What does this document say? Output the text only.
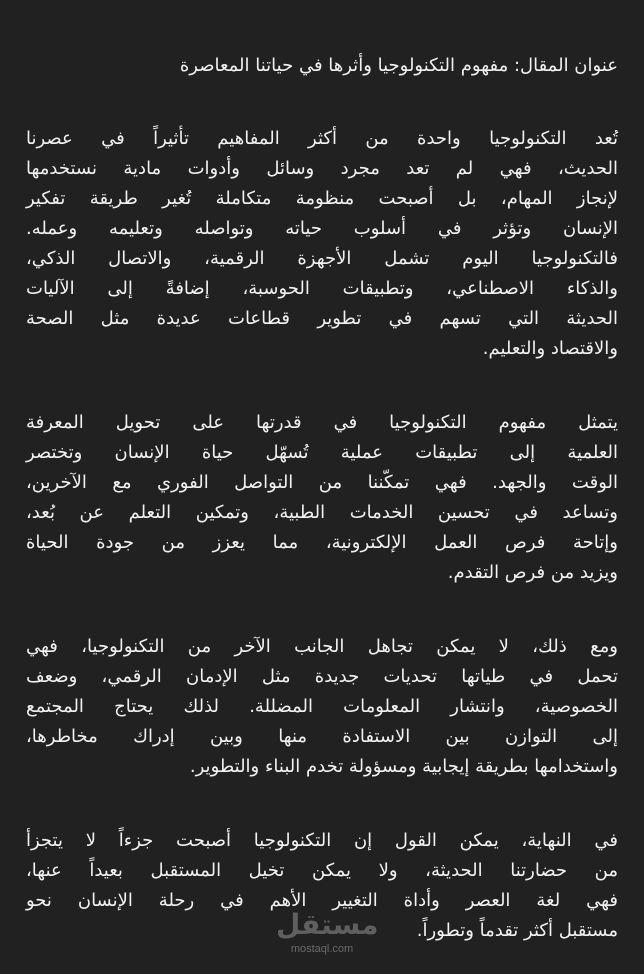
عنوان المقال: مفهوم التكنولوجيا وأثرها في حياتنا المعاصرة

تُعد التكنولوجيا واحدة من أكثر المفاهيم تأثيراً في عصرنا
الحديث، فهي لم تعد مجرد وسائل وأدوات مادية نستخدمها
لإنجاز المهام، بل أصبحت منظومة متكاملة تُغير طريقة تفكير
الإنسان وتؤثر في أسلوب حياته وتواصله وتعليمه وعمله.
فالتكنولوجيا اليوم تشمل الأجهزة الرقمية، والاتصال الذكي،
والذكاء الاصطناعي، وتطبيقات الحوسبة، إضافةً إلى الآليات
الحديثة التي تسهم في تطوير قطاعات عديدة مثل الصحة
والاقتصاد والتعليم.

يتمثل مفهوم التكنولوجيا في قدرتها على تحويل المعرفة
العلمية إلى تطبيقات عملية تُسهّل حياة الإنسان وتختصر
الوقت والجهد. فهي تمكّننا من التواصل الفوري مع الآخرين،
وتساعد في تحسين الخدمات الطبية، وتمكين التعلم عن بُعد،
وإتاحة فرص العمل الإلكترونية، مما يعزز من جودة الحياة
ويزيد من فرص التقدم.

ومع ذلك، لا يمكن تجاهل الجانب الآخر من التكنولوجيا، فهي
تحمل في طياتها تحديات جديدة مثل الإدمان الرقمي، وضعف
الخصوصية، وانتشار المعلومات المضللة. لذلك يحتاج المجتمع
إلى التوازن بين الاستفادة منها وبين إدراك مخاطرها،
واستخدامها بطريقة إيجابية ومسؤولة تخدم البناء والتطوير.

في النهاية، يمكن القول إن التكنولوجيا أصبحت جزءاً لا يتجزأ
من حضارتنا الحديثة، ولا يمكن تخيل المستقبل بعيداً عنها،
فهي لغة العصر وأداة التغيير الأهم في رحلة الإنسان نحو
مستقبل أكثر تقدماً وتطوراً.

مستقل
mostaql.com
